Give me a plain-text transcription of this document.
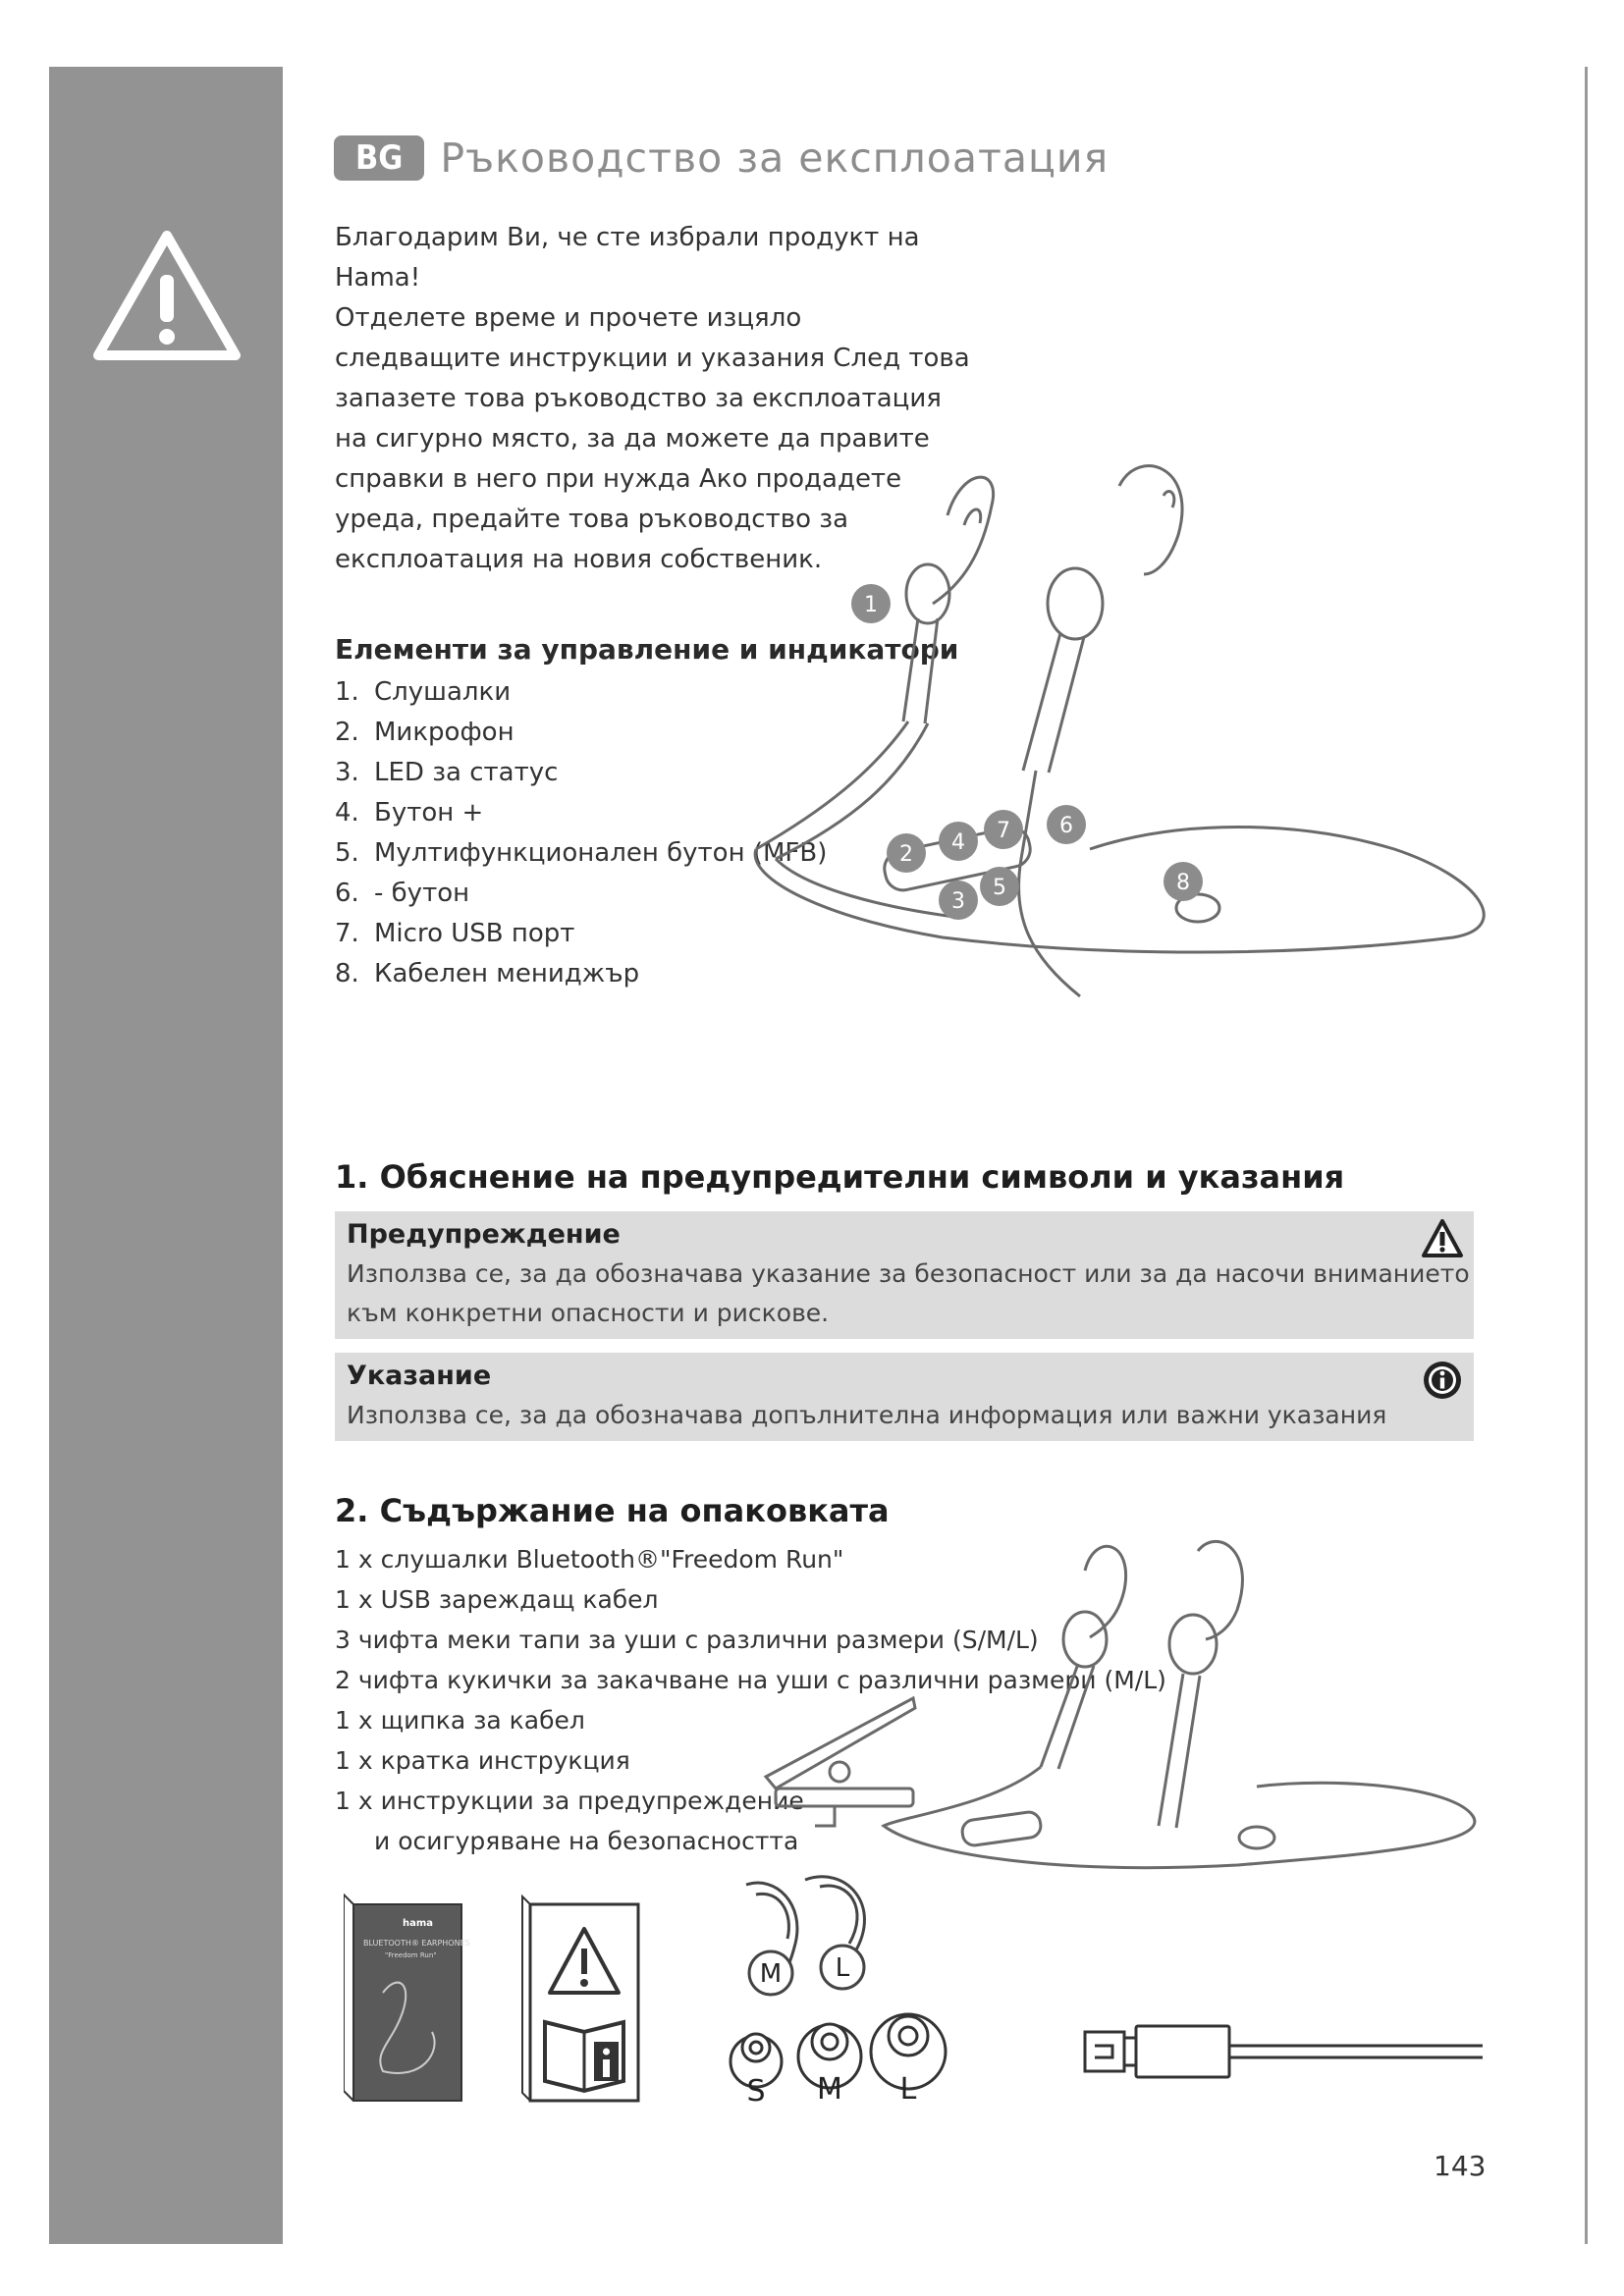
BG Ръководство за експлоатация

Благодарим Ви, че сте избрали продукт на Hama!

Отделете време и прочете изцяло следващите инструкции и указания След това запазете това ръководство за експлоатация на сигурно място, за да можете да правите справки в него при нужда Ако продадете уреда, предайте това ръководство за експлоатация на новия собственик.

Елементи за управление и индикатори
1. Слушалки
2. Микрофон
3. LED за статус
4. Бутон +
5. Мултифункционален бутон (MFB)
6. - бутон
7. Micro USB порт
8. Кабелен мениджър
1
2
3
4
5
6
7
8
1. Обяснение на предупредителни символи и указания
Предупреждение
Използва се, за да обозначава указание за безопасност или за да насочи вниманието към конкретни опасности и рискове.
Указание
Използва се, за да обозначава допълнителна информация или важни указания
2. Съдържание на опаковката
1 x слушалки Bluetooth®"Freedom Run"
1 x USB зареждащ кабел
3 чифта меки тапи за уши с различни размери (S/M/L)
2 чифта кукички за закачване на уши с различни размери (M/L)
1 x щипка за кабел
1 x кратка инструкция
1 x инструкции за предупреждение
и осигуряване на безопасността
hama
BLUETOOTH® EARPHONES
"Freedom Run"
M L
S M L
143
